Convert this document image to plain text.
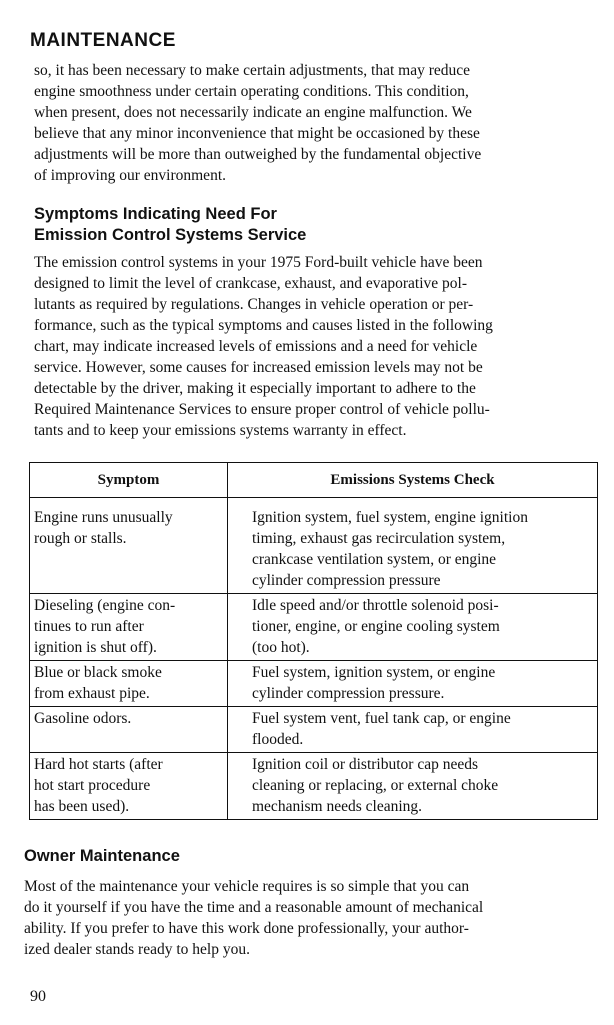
MAINTENANCE

so, it has been necessary to make certain adjustments, that may reduce
engine smoothness under certain operating conditions. This condition,
when present, does not necessarily indicate an engine malfunction. We
believe that any minor inconvenience that might be occasioned by these
adjustments will be more than outweighed by the fundamental objective
of improving our environment.

Symptoms Indicating Need For
Emission Control Systems Service

The emission control systems in your 1975 Ford-built vehicle have been
designed to limit the level of crankcase, exhaust, and evaporative pol-
lutants as required by regulations. Changes in vehicle operation or per-
formance, such as the typical symptoms and causes listed in the following
chart, may indicate increased levels of emissions and a need for vehicle
service. However, some causes for increased emission levels may not be
detectable by the driver, making it especially important to adhere to the
Required Maintenance Services to ensure proper control of vehicle pollu-
tants and to keep your emissions systems warranty in effect.

Symptom	Emissions Systems Check

Engine runs unusually
rough or stalls.	Ignition system, fuel system, engine ignition
timing, exhaust gas recirculation system,
crankcase ventilation system, or engine
cylinder compression pressure

Dieseling (engine con-
tinues to run after
ignition is shut off).	Idle speed and/or throttle solenoid posi-
tioner, engine, or engine cooling system
(too hot).

Blue or black smoke
from exhaust pipe.	Fuel system, ignition system, or engine
cylinder compression pressure.

Gasoline odors.	Fuel system vent, fuel tank cap, or engine
flooded.

Hard hot starts (after
hot start procedure
has been used).	Ignition coil or distributor cap needs
cleaning or replacing, or external choke
mechanism needs cleaning.
Owner Maintenance

Most of the maintenance your vehicle requires is so simple that you can
do it yourself if you have the time and a reasonable amount of mechanical
ability. If you prefer to have this work done professionally, your author-
ized dealer stands ready to help you.

90
